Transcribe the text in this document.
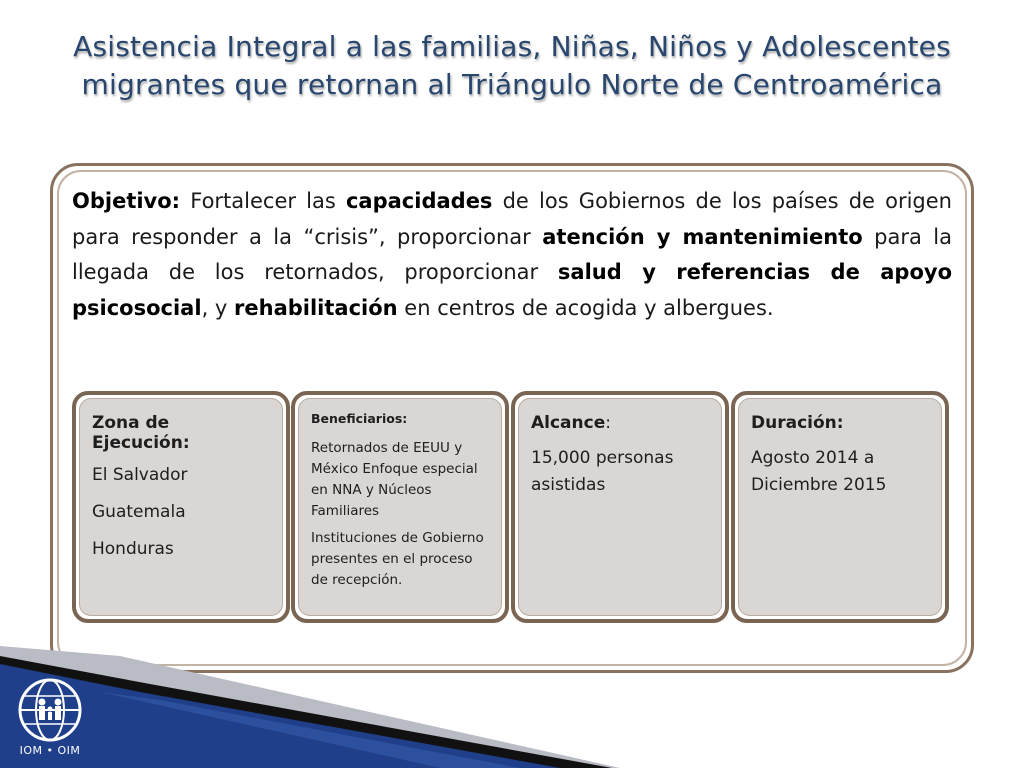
Asistencia Integral a las familias, Niñas, Niños y Adolescentes migrantes que retornan al Triángulo Norte de Centroamérica

Objetivo: Fortalecer las capacidades de los Gobiernos de los países de origen para responder a la “crisis”, proporcionar atención y mantenimiento para la llegada de los retornados, proporcionar salud y referencias de apoyo psicosocial, y rehabilitación en centros de acogida y albergues.

Zona de Ejecución:

El Salvador

Guatemala

Honduras

Beneficiarios:

Retornados de EEUU y México Enfoque especial en NNA y Núcleos Familiares

Instituciones de Gobierno presentes en el proceso de recepción.

Alcance:

15,000 personas asistidas

Duración:

Agosto 2014 a Diciembre 2015

IOM • OIM
